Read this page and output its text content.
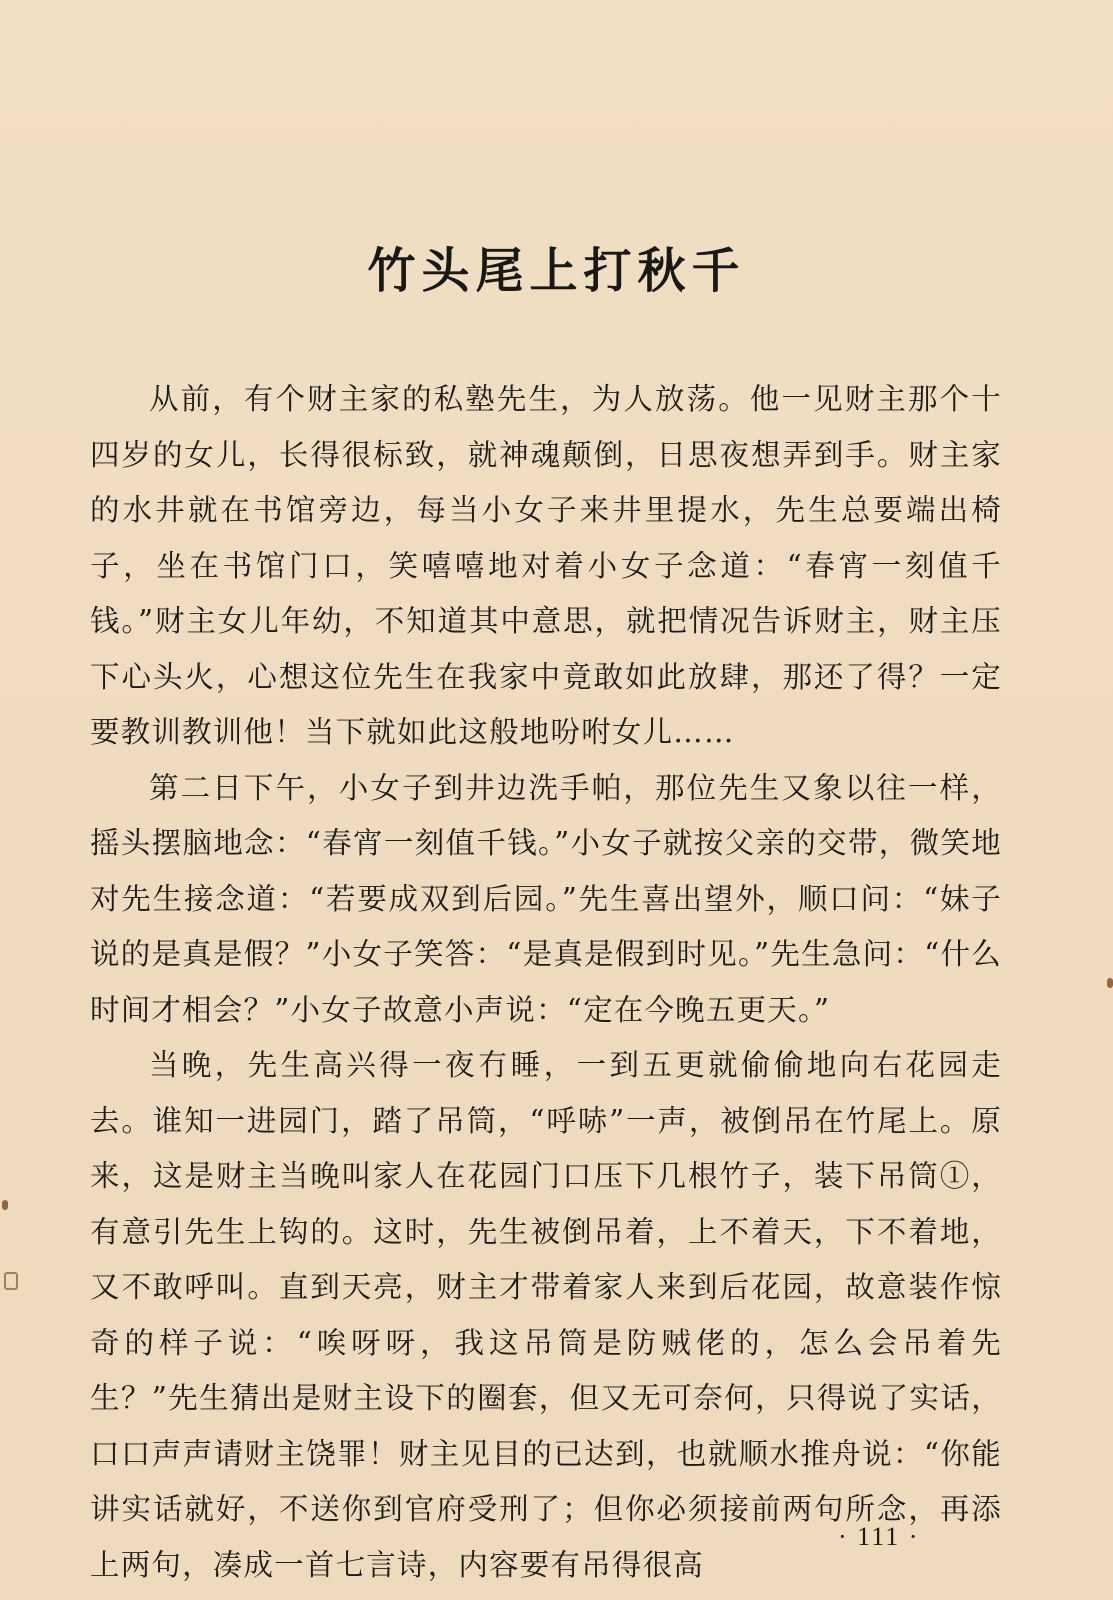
竹头尾上打秋千

从前，有个财主家的私塾先生，为人放荡。他一见财主那个十四岁的女儿，长得很标致，就神魂颠倒，日思夜想弄到手。财主家的水井就在书馆旁边，每当小女子来井里提水，先生总要端出椅子，坐在书馆门口，笑嘻嘻地对着小女子念道：“春宵一刻值千钱。”财主女儿年幼，不知道其中意思，就把情况告诉财主，财主压下心头火，心想这位先生在我家中竟敢如此放肆，那还了得？一定要教训教训他！当下就如此这般地吩咐女儿……

第二日下午，小女子到井边洗手帕，那位先生又象以往一样，摇头摆脑地念：“春宵一刻值千钱。”小女子就按父亲的交带，微笑地对先生接念道：“若要成双到后园。”先生喜出望外，顺口问：“妹子说的是真是假？”小女子笑答：“是真是假到时见。”先生急问：“什么时间才相会？”小女子故意小声说：“定在今晚五更天。”

当晚，先生高兴得一夜冇睡，一到五更就偷偷地向右花园走去。谁知一进园门，踏了吊筒，“呼哧”一声，被倒吊在竹尾上。原来，这是财主当晚叫家人在花园门口压下几根竹子，装下吊筒①，有意引先生上钩的。这时，先生被倒吊着，上不着天，下不着地，又不敢呼叫。直到天亮，财主才带着家人来到后花园，故意装作惊奇的样子说：“唉呀呀，我这吊筒是防贼佬的，怎么会吊着先生？”先生猜出是财主设下的圈套，但又无可奈何，只得说了实话，口口声声请财主饶罪！财主见目的已达到，也就顺水推舟说：“你能讲实话就好，不送你到官府受刑了；但你必须接前两句所念，再添上两句，凑成一首七言诗，内容要有吊得很高

· 111 ·
